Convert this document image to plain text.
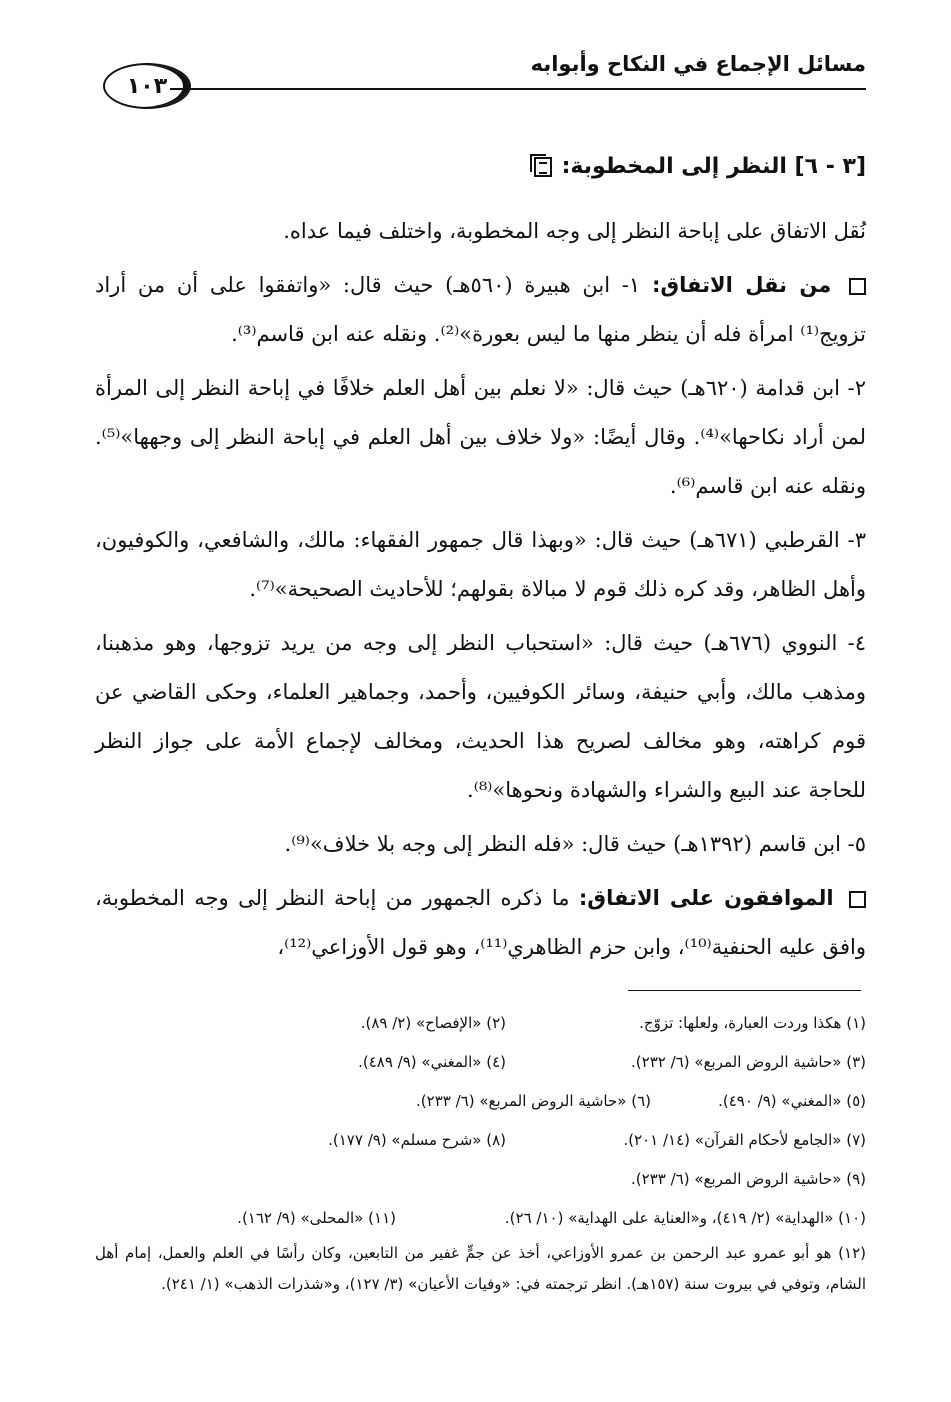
مسائل الإجماع في النكاح وأبوابه
١٠٣

[٣ - ٦] النظر إلى المخطوبة:

نُقل الاتفاق على إباحة النظر إلى وجه المخطوبة، واختلف فيما عداه.

من نقل الاتفاق: ١- ابن هبيرة (٥٦٠هـ) حيث قال: «واتفقوا على أن من أراد تزويج⁽¹⁾ امرأة فله أن ينظر منها ما ليس بعورة»⁽²⁾. ونقله عنه ابن قاسم⁽³⁾.

٢- ابن قدامة (٦٢٠هـ) حيث قال: «لا نعلم بين أهل العلم خلافًا في إباحة النظر إلى المرأة لمن أراد نكاحها»⁽⁴⁾. وقال أيضًا: «ولا خلاف بين أهل العلم في إباحة النظر إلى وجهها»⁽⁵⁾. ونقله عنه ابن قاسم⁽⁶⁾.

٣- القرطبي (٦٧١هـ) حيث قال: «وبهذا قال جمهور الفقهاء: مالك، والشافعي، والكوفيون، وأهل الظاهر، وقد كره ذلك قوم لا مبالاة بقولهم؛ للأحاديث الصحيحة»⁽⁷⁾.

٤- النووي (٦٧٦هـ) حيث قال: «استحباب النظر إلى وجه من يريد تزوجها، وهو مذهبنا، ومذهب مالك، وأبي حنيفة، وسائر الكوفيين، وأحمد، وجماهير العلماء، وحكى القاضي عن قوم كراهته، وهو مخالف لصريح هذا الحديث، ومخالف لإجماع الأمة على جواز النظر للحاجة عند البيع والشراء والشهادة ونحوها»⁽⁸⁾.

٥- ابن قاسم (١٣٩٢هـ) حيث قال: «فله النظر إلى وجه بلا خلاف»⁽⁹⁾.

الموافقون على الاتفاق: ما ذكره الجمهور من إباحة النظر إلى وجه المخطوبة، وافق عليه الحنفية⁽¹⁰⁾، وابن حزم الظاهري⁽¹¹⁾، وهو قول الأوزاعي⁽¹²⁾،

(١) هكذا وردت العبارة، ولعلها: تزوّج.
(٢) «الإفصاح» (٢/ ٨٩).
(٣) «حاشية الروض المربع» (٦/ ٢٣٢).
(٤) «المغني» (٩/ ٤٨٩).
(٥) «المغني» (٩/ ٤٩٠).
(٦) «حاشية الروض المربع» (٦/ ٢٣٣).
(٧) «الجامع لأحكام القرآن» (١٤/ ٢٠١).
(٨) «شرح مسلم» (٩/ ١٧٧).
(٩) «حاشية الروض المربع» (٦/ ٢٣٣).
(١٠) «الهداية» (٢/ ٤١٩)، و«العناية على الهداية» (١٠/ ٢٦).
(١١) «المحلى» (٩/ ١٦٢).
(١٢) هو أبو عمرو عبد الرحمن بن عمرو الأوزاعي، أخذ عن جمٍّ غفير من التابعين، وكان رأسًا في العلم والعمل، إمام أهل الشام، وتوفي في بيروت سنة (١٥٧هـ). انظر ترجمته في: «وفيات الأعيان» (٣/ ١٢٧)، و«شذرات الذهب» (١/ ٢٤١).
